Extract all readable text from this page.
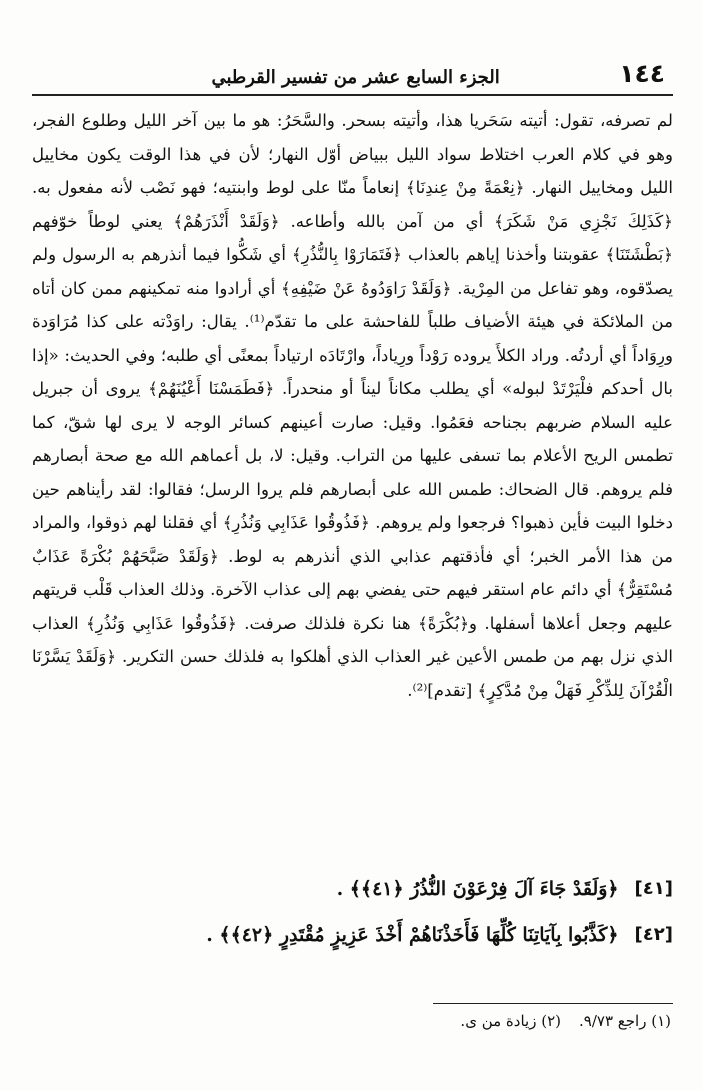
١٤٤
الجزء السابع عشر من تفسير القرطبي

لم تصرفه، تقول: أتيته سَحَريا هذا، وأتيته بسحر. والسَّحَرُ: هو ما بين آخر الليل وطلوع الفجر، وهو في كلام العرب اختلاط سواد الليل ببياض أوّل النهار؛ لأن في هذا الوقت يكون مخاييل الليل ومخاييل النهار. ﴿نِعْمَةً مِنْ عِندِنَا﴾ إنعاماً منّا على لوط وابنتيه؛ فهو نَصْب لأنه مفعول به. ﴿كَذَلِكَ نَجْزِي مَنْ شَكَرَ﴾ أي من آمن بالله وأطاعه. ﴿وَلَقَدْ أَنْذَرَهُمْ﴾ يعني لوطاً خوّفهم ﴿بَطْشَتَنَا﴾ عقوبتنا وأخذنا إياهم بالعذاب ﴿فَتَمَارَوْا بِالنُّذُرِ﴾ أي شَكُّوا فيما أنذرهم به الرسول ولم يصدّقوه، وهو تفاعل من المِرْية. ﴿وَلَقَدْ رَاوَدُوهُ عَنْ ضَيْفِهِ﴾ أي أرادوا منه تمكينهم ممن كان أتاه من الملائكة في هيئة الأضياف طلباً للفاحشة على ما تقدّم⁽¹⁾. يقال: راوَدْته على كذا مُرَاوَدة ورِوَاداً أي أردتُه. وراد الكلأَ يروده رَوْداً ورِياداً، وارْتَادَه ارتياداً بمعنًى أي طلبه؛ وفي الحديث: «إذا بال أحدكم فلْيَرْتَدْ لبوله» أي يطلب مكاناً ليناً أو منحدراً. ﴿فَطَمَسْنَا أَعْيُنَهُمْ﴾ يروى أن جبريل عليه السلام ضربهم بجناحه فعَمُوا. وقيل: صارت أعينهم كسائر الوجه لا يرى لها شقّ، كما تطمس الريح الأعلام بما تسفى عليها من التراب. وقيل: لا، بل أعماهم الله مع صحة أبصارهم فلم يروهم. قال الضحاك: طمس الله على أبصارهم فلم يروا الرسل؛ فقالوا: لقد رأيناهم حين دخلوا البيت فأين ذهبوا؟ فرجعوا ولم يروهم. ﴿فَذُوقُوا عَذَابِي وَنُذُرِ﴾ أي فقلنا لهم ذوقوا، والمراد من هذا الأمر الخبر؛ أي فأذقتهم عذابي الذي أنذرهم به لوط. ﴿وَلَقَدْ صَبَّحَهُمْ بُكْرَةً عَذَابٌ مُسْتَقِرٌّ﴾ أي دائم عام استقر فيهم حتى يفضي بهم إلى عذاب الآخرة. وذلك العذاب قَلْب قريتهم عليهم وجعل أعلاها أسفلها. و﴿بُكْرَةً﴾ هنا نكرة فلذلك صرفت. ﴿فَذُوقُوا عَذَابِي وَنُذُرِ﴾ العذاب الذي نزل بهم من طمس الأعين غير العذاب الذي أهلكوا به فلذلك حسن التكرير. ﴿وَلَقَدْ يَسَّرْنَا الْقُرْآنَ لِلذِّكْرِ فَهَلْ مِنْ مُدَّكِرٍ﴾ [تقدم]⁽²⁾.

[٤١]
﴿وَلَقَدْ جَاءَ آلَ فِرْعَوْنَ النُّذُرُ ﴿٤١﴾﴾ .
[٤٢]
﴿كَذَّبُوا بِآيَاتِنَا كُلِّهَا فَأَخَذْنَاهُمْ أَخْذَ عَزِيزٍ مُقْتَدِرٍ ﴿٤٢﴾﴾ .
(١) راجع ٩/٧٣.
(٢) زيادة من ى.
